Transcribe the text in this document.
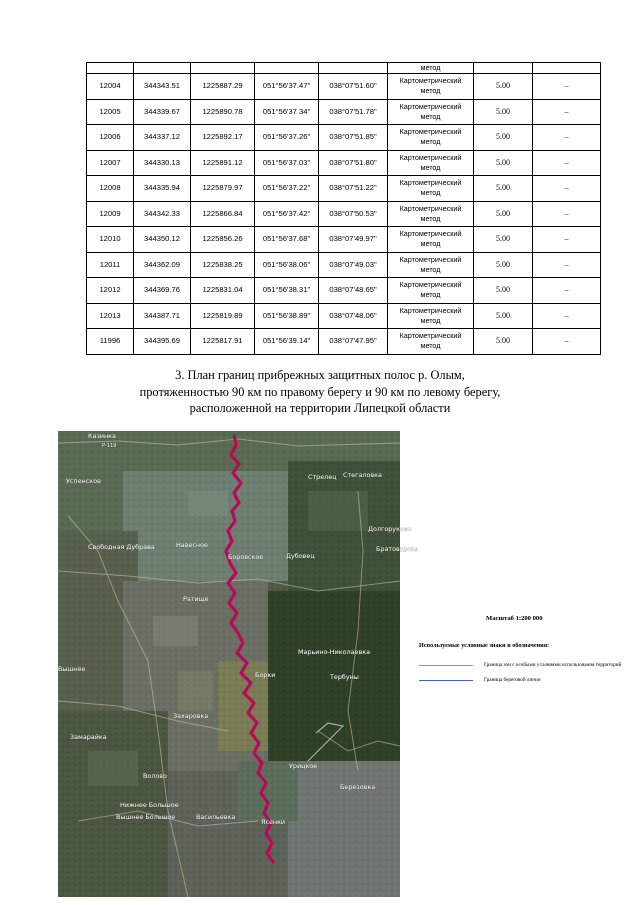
					метод		
12004	344343.51	1225887.29	051°56'37.47"	038°07'51.60"	Картометрический метод	5.00	–
12005	344339.67	1225890.78	051°56'37.34"	038°07'51.78"	Картометрический метод	5.00	–
12006	344337.12	1225892.17	051°56'37.26"	038°07'51.85"	Картометрический метод	5.00	–
12007	344330.13	1225891.12	051°56'37.03"	038°07'51.80"	Картометрический метод	5.00	–
12008	344335.94	1225879.97	051°56'37.22"	038°07'51.22"	Картометрический метод	5.00	–
12009	344342.33	1225866.84	051°56'37.42"	038°07'50.53"	Картометрический метод	5.00	–
12010	344350.12	1225856.26	051°56'37.68"	038°07'49.97"	Картометрический метод	5.00	–
12011	344362.09	1225838.25	051°56'38.06"	038°07'49.03"	Картометрический метод	5.00	–
12012	344369.76	1225831.04	051°56'38.31"	038°07'48.65"	Картометрический метод	5.00	–
12013	344387.71	1225819.89	051°56'38.89"	038°07'48.06"	Картометрический метод	5.00	–
11996	344395.69	1225817.91	051°56'39.14"	038°07'47.95"	Картометрический метод	5.00	–
3. План границ прибрежных защитных полос р. Олым,
протяженностью 90 км по правому берегу и 90 км по левому берегу,
расположенной на территории Липецкой области
Казинка
Р-119
Успенское
Свободная Дубрава	Навесное
Боровское
Ратище
Дубовец
Стрелец Стегаловка
Долгоруково
Братовщина
Марьино-Николаевка
Борки	Тербуны
Вышнее
Захаровка
Замарайка
Волово
Урицкое
Нижнее Большое
Вышнее Большое	Васильевка
Березовка
Ясенки
Масштаб 1:200 000
Используемые условные знаки и обозначения:
Граница зон с особыми условиями использования территорий
Граница береговой линии
